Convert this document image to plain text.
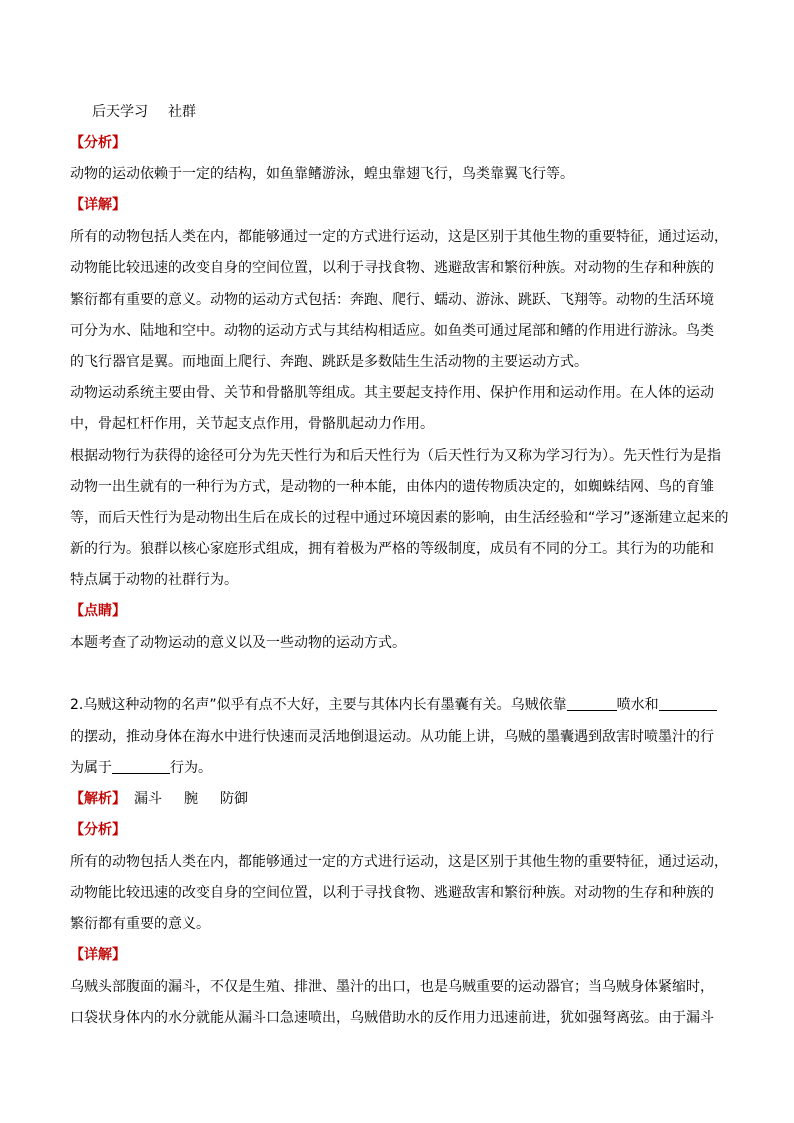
后天学习 社群
【分析】
动物的运动依赖于一定的结构，如鱼靠鳍游泳，蝗虫靠翅飞行，鸟类靠翼飞行等。
【详解】
所有的动物包括人类在内，都能够通过一定的方式进行运动，这是区别于其他生物的重要特征，通过运动，
动物能比较迅速的改变自身的空间位置，以利于寻找食物、逃避敌害和繁衍种族。对动物的生存和种族的
繁衍都有重要的意义。动物的运动方式包括：奔跑、爬行、蠕动、游泳、跳跃、飞翔等。动物的生活环境
可分为水、陆地和空中。动物的运动方式与其结构相适应。如鱼类可通过尾部和鳍的作用进行游泳。鸟类
的飞行器官是翼。而地面上爬行、奔跑、跳跃是多数陆生生活动物的主要运动方式。
动物运动系统主要由骨、关节和骨骼肌等组成。其主要起支持作用、保护作用和运动作用。在人体的运动
中，骨起杠杆作用，关节起支点作用，骨骼肌起动力作用。
根据动物行为获得的途径可分为先天性行为和后天性行为（后天性行为又称为学习行为）。先天性行为是指
动物一出生就有的一种行为方式，是动物的一种本能，由体内的遗传物质决定的，如蜘蛛结网、鸟的育雏
等，而后天性行为是动物出生后在成长的过程中通过环境因素的影响，由生活经验和“学习”逐渐建立起来的
新的行为。狼群以核心家庭形式组成，拥有着极为严格的等级制度，成员有不同的分工。其行为的功能和
特点属于动物的社群行为。
【点睛】
本题考查了动物运动的意义以及一些动物的运动方式。
2.乌贼这种动物的名声”似乎有点不大好，主要与其体内长有墨囊有关。乌贼依靠	喷水和
的摆动，推动身体在海水中进行快速而灵活地倒退运动。从功能上讲，乌贼的墨囊遇到敌害时喷墨汁的行
为属于	行为。
【解析】 漏斗 腕 防御
【分析】
所有的动物包括人类在内，都能够通过一定的方式进行运动，这是区别于其他生物的重要特征，通过运动，
动物能比较迅速的改变自身的空间位置，以利于寻找食物、逃避敌害和繁衍种族。对动物的生存和种族的
繁衍都有重要的意义。
【详解】
乌贼头部腹面的漏斗，不仅是生殖、排泄、墨汁的出口，也是乌贼重要的运动器官；当乌贼身体紧缩时，
口袋状身体内的水分就能从漏斗口急速喷出，乌贼借助水的反作用力迅速前进，犹如强弩离弦。由于漏斗
